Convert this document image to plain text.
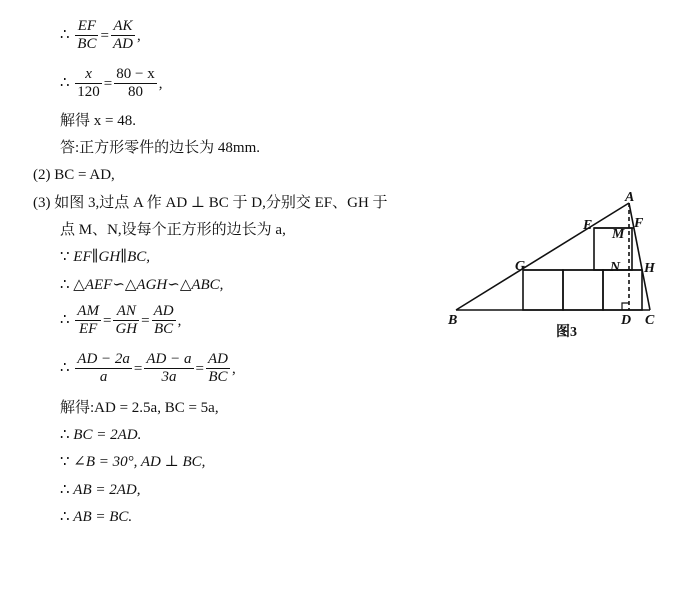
∴ $\frac{EF}{BC} = \frac{AK}{AD}$ ,
∴ $\frac{x}{120} = \frac{80 - x}{80}$ ,
解得 x = 48.
答:正方形零件的边长为 48mm.
(2) BC = AD,
(3) 如图 3,过点 A 作 AD ⊥ BC 于 D,分别交 EF、GH 于
点 M、N,设每个正方形的边长为 a,
∵ EF∥GH∥BC,
∴ △AEF∽△AGH∽△ABC,
∴ $\frac{AM}{EF} = \frac{AN}{GH} = \frac{AD}{BC}$ ,
∴ $\frac{AD - 2a}{a} = \frac{AD - a}{3a} = \frac{AD}{BC}$ ,
解得:AD = 2.5a, BC = 5a,
∴ BC = 2AD.
∵ ∠B = 30°, AD ⊥ BC,
∴ AB = 2AD,
∴ AB = BC.
A
B	C
D
E	F
G	H
M
N
图3
